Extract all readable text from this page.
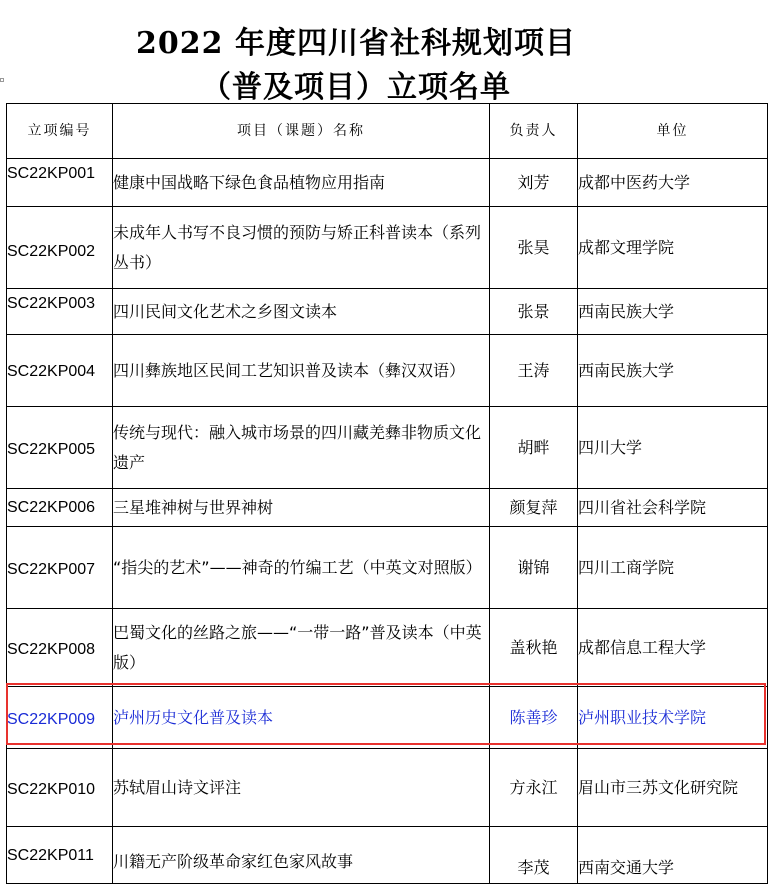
2022 年度四川省社科规划项目
（普及项目）立项名单
立项编号	项目（课题）名称	负责人	单位
SC22KP001	健康中国战略下绿色食品植物应用指南	刘芳	成都中医药大学
SC22KP002	未成年人书写不良习惯的预防与矫正科普读本（系列丛书）	张昊	成都文理学院
SC22KP003	四川民间文化艺术之乡图文读本	张景	西南民族大学
SC22KP004	四川彝族地区民间工艺知识普及读本（彝汉双语）	王涛	西南民族大学
SC22KP005	传统与现代：融入城市场景的四川藏羌彝非物质文化遗产	胡畔	四川大学
SC22KP006	三星堆神树与世界神树	颜复萍	四川省社会科学院
SC22KP007	“指尖的艺术”——神奇的竹编工艺（中英文对照版）	谢锦	四川工商学院
SC22KP008	巴蜀文化的丝路之旅——“一带一路”普及读本（中英版）	盖秋艳	成都信息工程大学
SC22KP009	泸州历史文化普及读本	陈善珍	泸州职业技术学院
SC22KP010	苏轼眉山诗文评注	方永江	眉山市三苏文化研究院
SC22KP011	川籍无产阶级革命家红色家风故事	李茂	西南交通大学
